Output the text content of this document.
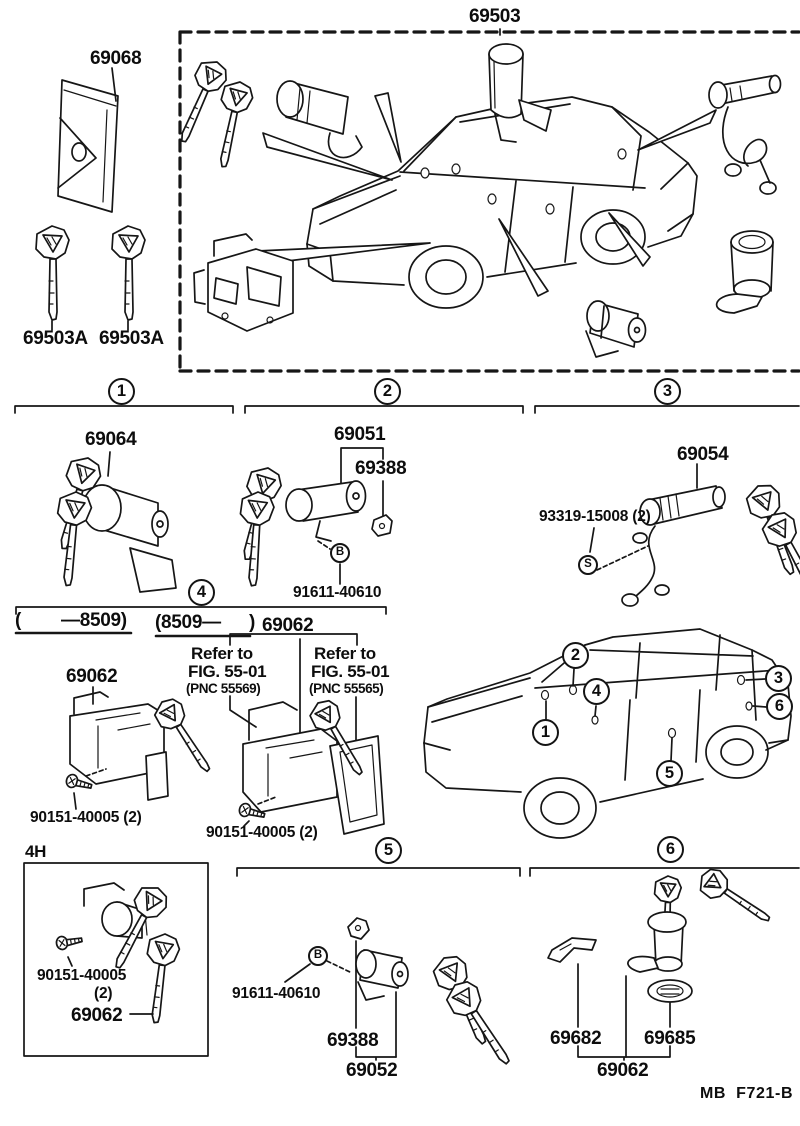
69503
69068
69503A 69503A
69064	69051
69388
91611-40610
69054
93319-15008 (2)
( —8509) (8509— ) 69062
Refer to
FIG. 55-01
(PNC 55569)
Refer to
FIG. 55-01
(PNC 55565)
69062
90151-40005 (2)
90151-40005 (2)
4H
90151-40005
(2)
69062
91611-40610
69388
69052
69682 69685
69062
MB  F721-B
1	2	3
4
5	6
1
2
3
4
5
6
B
S
B
